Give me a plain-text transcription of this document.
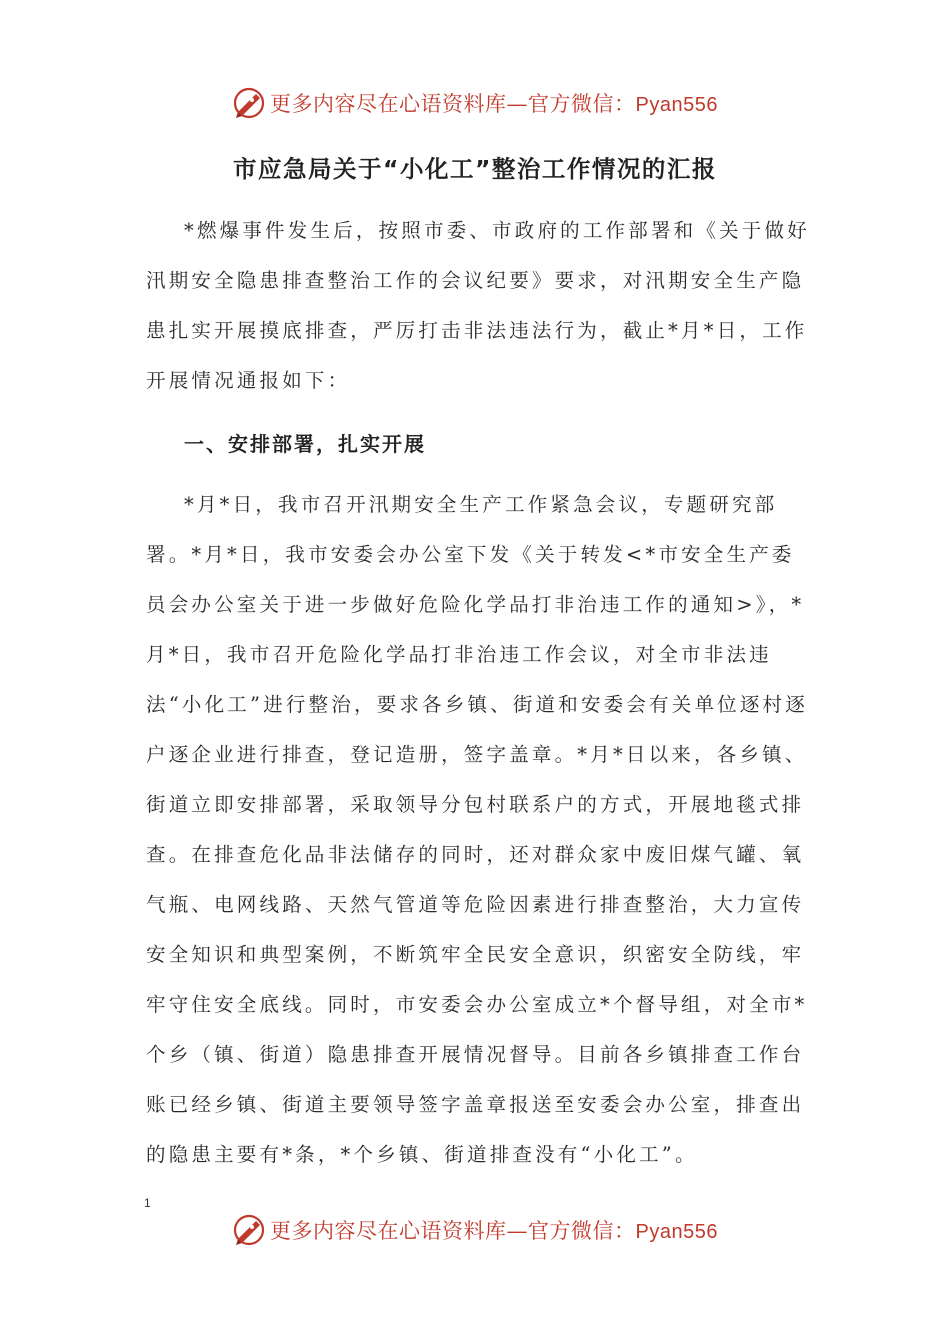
更多内容尽在心语资料库—官方微信：Pyan556
市应急局关于“小化工”整治工作情况的汇报
*燃爆事件发生后，按照市委、市政府的工作部署和《关于做好汛期安全隐患排查整治工作的会议纪要》要求，对汛期安全生产隐患扎实开展摸底排查，严厉打击非法违法行为，截止*月*日，工作开展情况通报如下：
一、安排部署，扎实开展
*月*日，我市召开汛期安全生产工作紧急会议，专题研究部署。*月*日，我市安委会办公室下发《关于转发<*市安全生产委员会办公室关于进一步做好危险化学品打非治违工作的通知>》，*月*日，我市召开危险化学品打非治违工作会议，对全市非法违法“小化工”进行整治，要求各乡镇、街道和安委会有关单位逐村逐户逐企业进行排查，登记造册，签字盖章。*月*日以来，各乡镇、街道立即安排部署，采取领导分包村联系户的方式，开展地毯式排查。在排查危化品非法储存的同时，还对群众家中废旧煤气罐、氧气瓶、电网线路、天然气管道等危险因素进行排查整治，大力宣传安全知识和典型案例，不断筑牢全民安全意识，织密安全防线，牢牢守住安全底线。同时，市安委会办公室成立*个督导组，对全市*个乡（镇、街道）隐患排查开展情况督导。目前各乡镇排查工作台账已经乡镇、街道主要领导签字盖章报送至安委会办公室，排查出的隐患主要有*条，*个乡镇、街道排查没有“小化工”。
1
更多内容尽在心语资料库—官方微信：Pyan556
